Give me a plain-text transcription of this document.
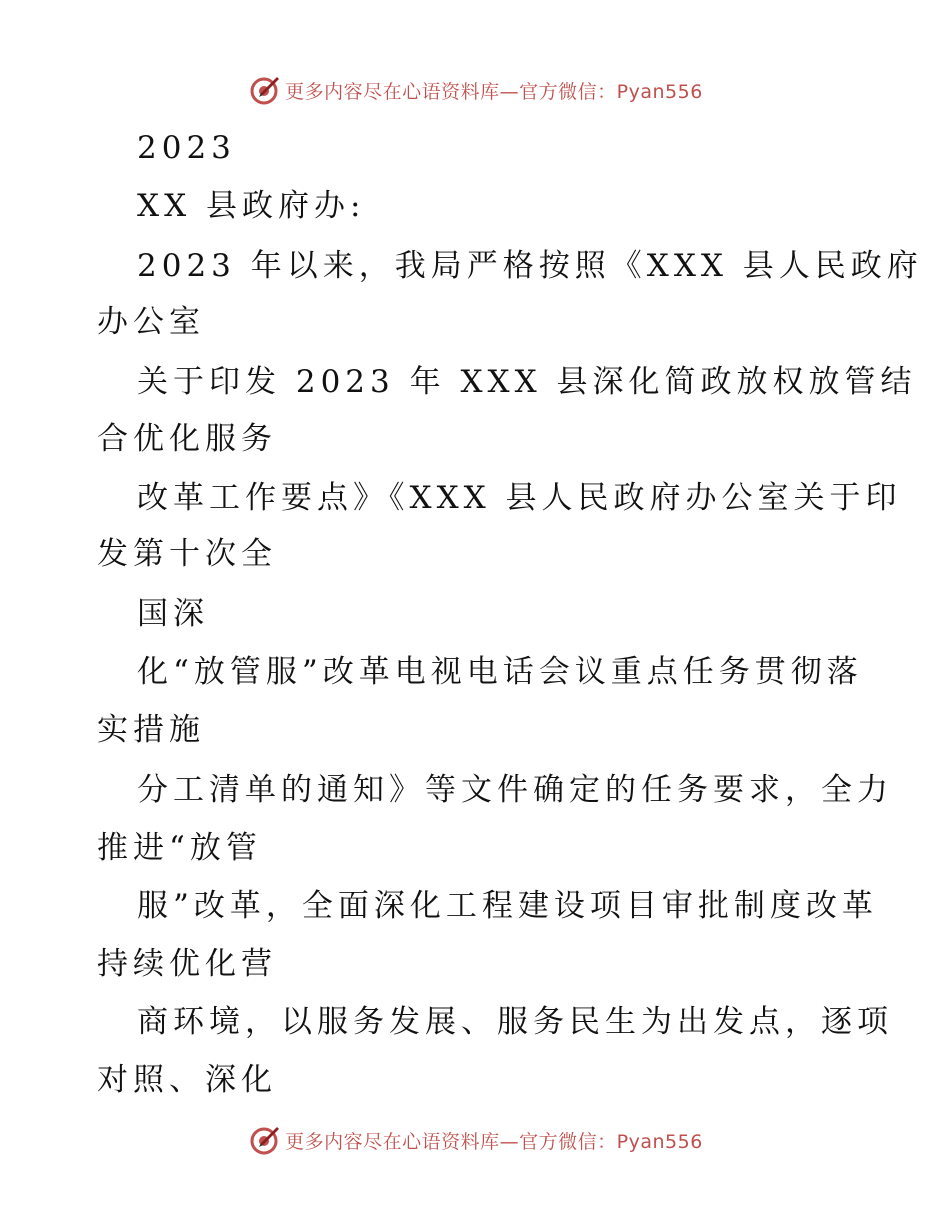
更多内容尽在心语资料库—官方微信：Pyan556
2023
XX 县政府办:
2023 年以来，我局严格按照《XXX 县人民政府
办公室
关于印发 2023 年 XXX 县深化简政放权放管结
合优化服务
改革工作要点》《XXX 县人民政府办公室关于印
发第十次全
国深
化“放管服”改革电视电话会议重点任务贯彻落
实措施
分工清单的通知》等文件确定的任务要求，全力
推进“放管
服”改革，全面深化工程建设项目审批制度改革
持续优化营
商环境，以服务发展、服务民生为出发点，逐项
对照、深化
更多内容尽在心语资料库—官方微信：Pyan556
